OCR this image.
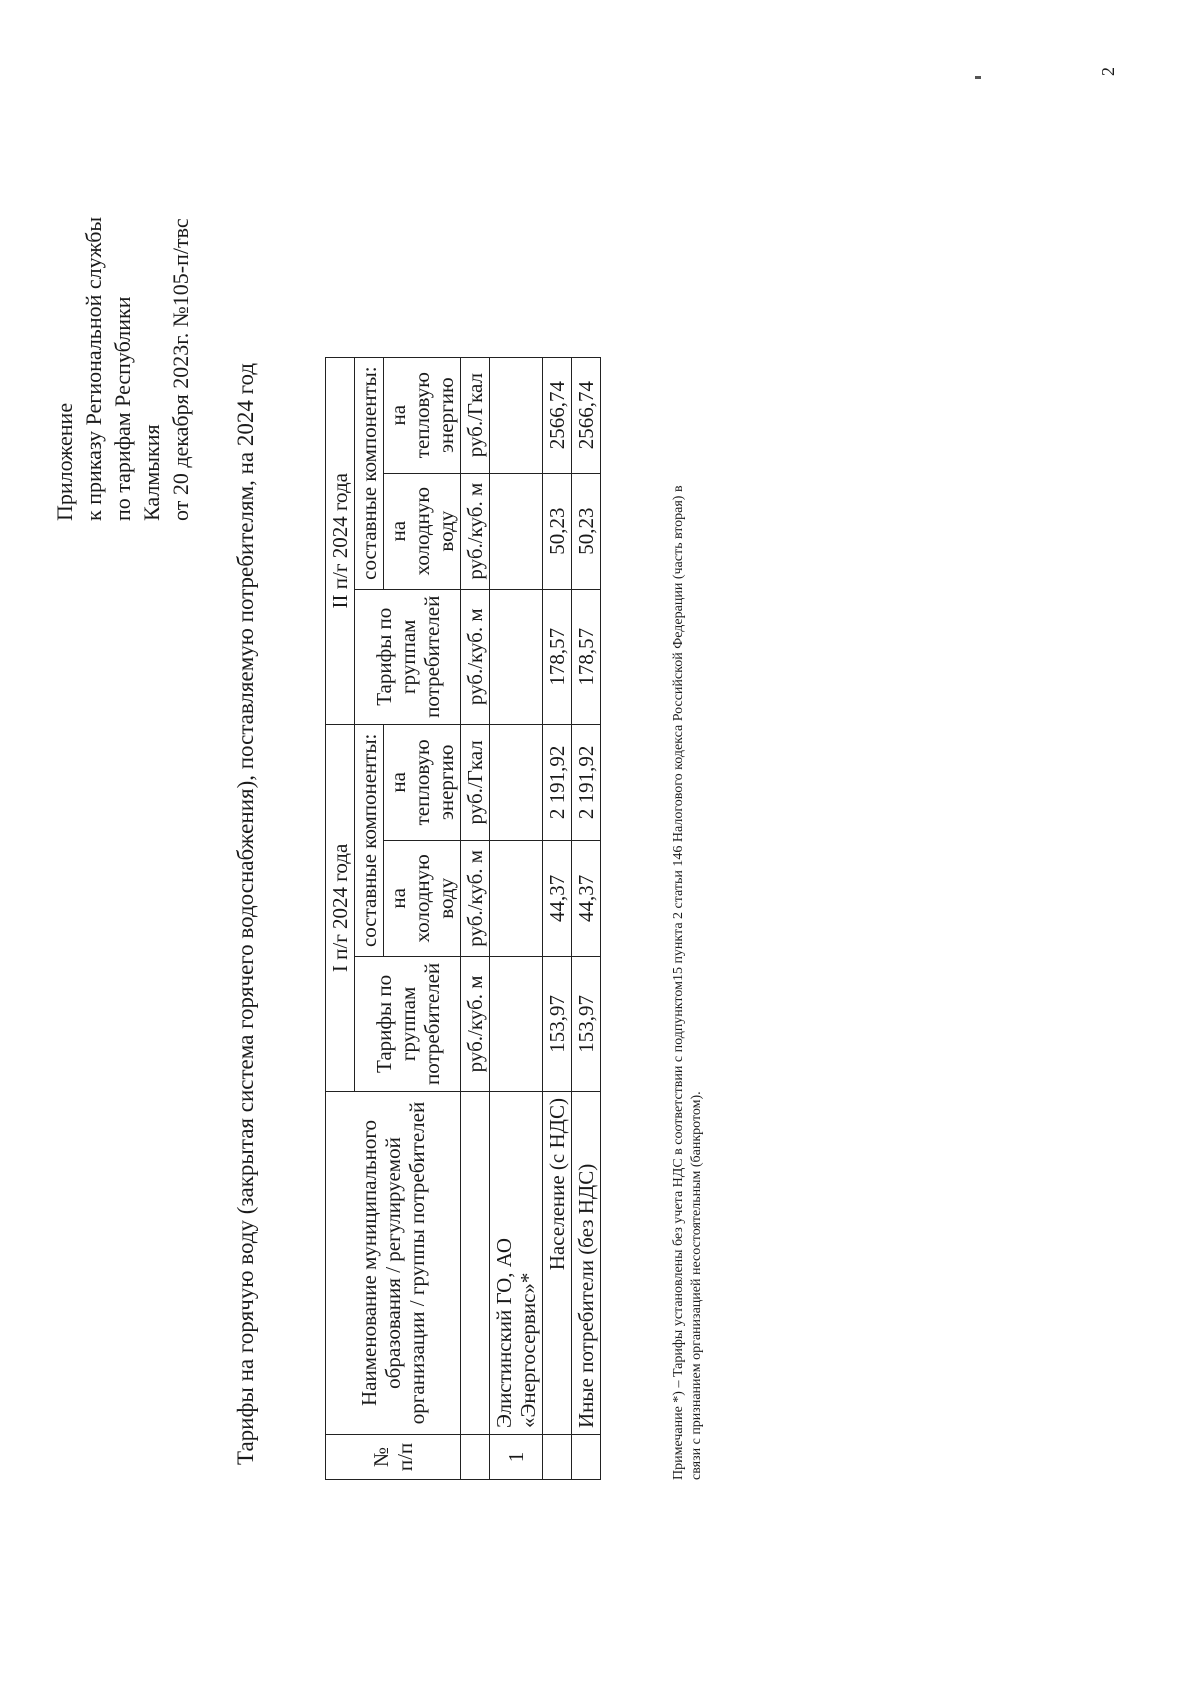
Приложение к приказу Региональной службы по тарифам Республики Калмыкия от 20 декабря 2023г. №105-п/твс Тарифы на горячую воду (закрытая система горячего водоснабжения), поставляемую потребителям, на 2024 год	№ п/п	Наименование муниципального образования / регулируемой организации / группы потребителей	I п/г 2024 года			II п/г 2024 года		
		Тарифы по группам потребителей	составные компоненты:		Тарифы по группам потребителей	составные компоненты:	
			на холодную воду	на тепловую энергию		на холодную воду	на тепловую энергию
		руб./куб. м	руб./куб. м	руб./Гкал	руб./куб. м	руб./куб. м	руб./Гкал
1	Элистинский ГО, АО «Энергосервис»*						
	Население (с НДС)	153,97	44,37	2 191,92	178,57	50,23	2566,74
	Иные потребители (без НДС)	153,97	44,37	2 191,92	178,57	50,23	2566,74
Примечание *) – Тарифы установлены без учета НДС в соответствии с подпунктом15 пункта 2 статьи 146 Налогового кодекса Российской Федерации (часть вторая) в связи с признанием организацией несостоятельным (банкротом).
2
